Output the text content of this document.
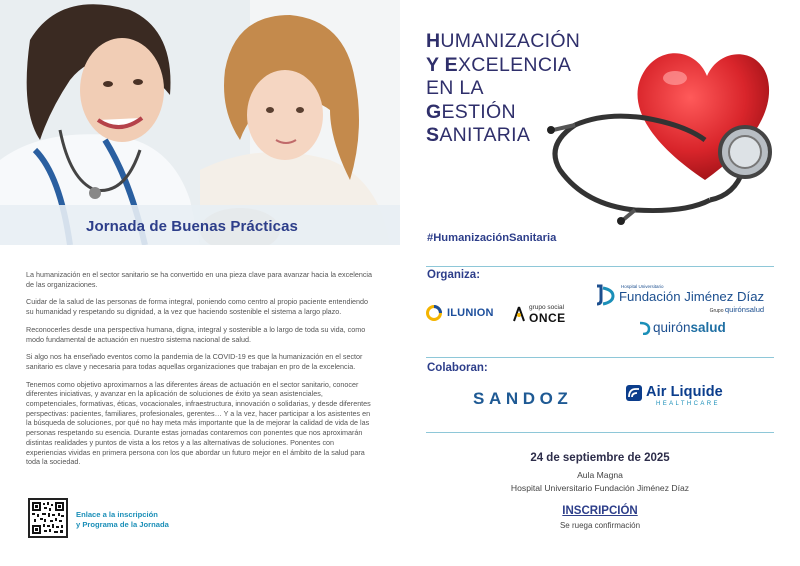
Jornada de Buenas Prácticas

La humanización en el sector sanitario se ha convertido en una pieza clave para avanzar hacia la excelencia de las organizaciones.

Cuidar de la salud de las personas de forma integral, poniendo como centro al propio paciente entendiendo su humanidad y respetando su dignidad, a la vez que haciendo sostenible el sistema a largo plazo.

Reconocerles desde una perspectiva humana, digna, integral y sostenible a lo largo de toda su vida, como modo fundamental de actuación en nuestro sistema nacional de salud.

Si algo nos ha enseñado eventos como la pandemia de la COVID-19 es que la humanización en el sector sanitario es clave y necesaria para todas aquellas organizaciones que trabajan en pro de la excelencia.

Tenemos como objetivo aproximarnos a las diferentes áreas de actuación en el sector sanitario, conocer diferentes iniciativas, y avanzar en la aplicación de soluciones de éxito ya sean asistenciales, competenciales, formativas, éticas, vocacionales, infraestructura, innovación o solidarias, y desde diferentes perspectivas: pacientes, familiares, profesionales, gerentes… Y a la vez, hacer participar a los asistentes en la búsqueda de soluciones, por qué no hay meta más importante que la de mejorar la calidad de vida de las personas respetando su esencia. Durante estas jornadas contaremos con ponentes que nos aproximarán distintas realidades y puntos de vista a los retos y a las alternativas de soluciones. Ponentes con experiencias vividas en primera persona con los que abordar un futuro mejor en el ámbito de la salud para toda la sociedad.

Enlace a la inscripción
y Programa de la Jornada
HUMANIZACIÓN
Y EXCELENCIA
EN LA
GESTIÓN
SANITARIA
#HumanizaciónSanitaria
Organiza:
ILUNION	grupo social
ONCE
Hospital Universitario
Fundación Jiménez Díaz
Grupo quirónsalud
quirónsalud
Colaboran:
SANDOZ	Air Liquide
HEALTHCARE
24 de septiembre de 2025
Aula Magna
Hospital Universitario Fundación Jiménez Díaz
INSCRIPCIÓN
Se ruega confirmación
